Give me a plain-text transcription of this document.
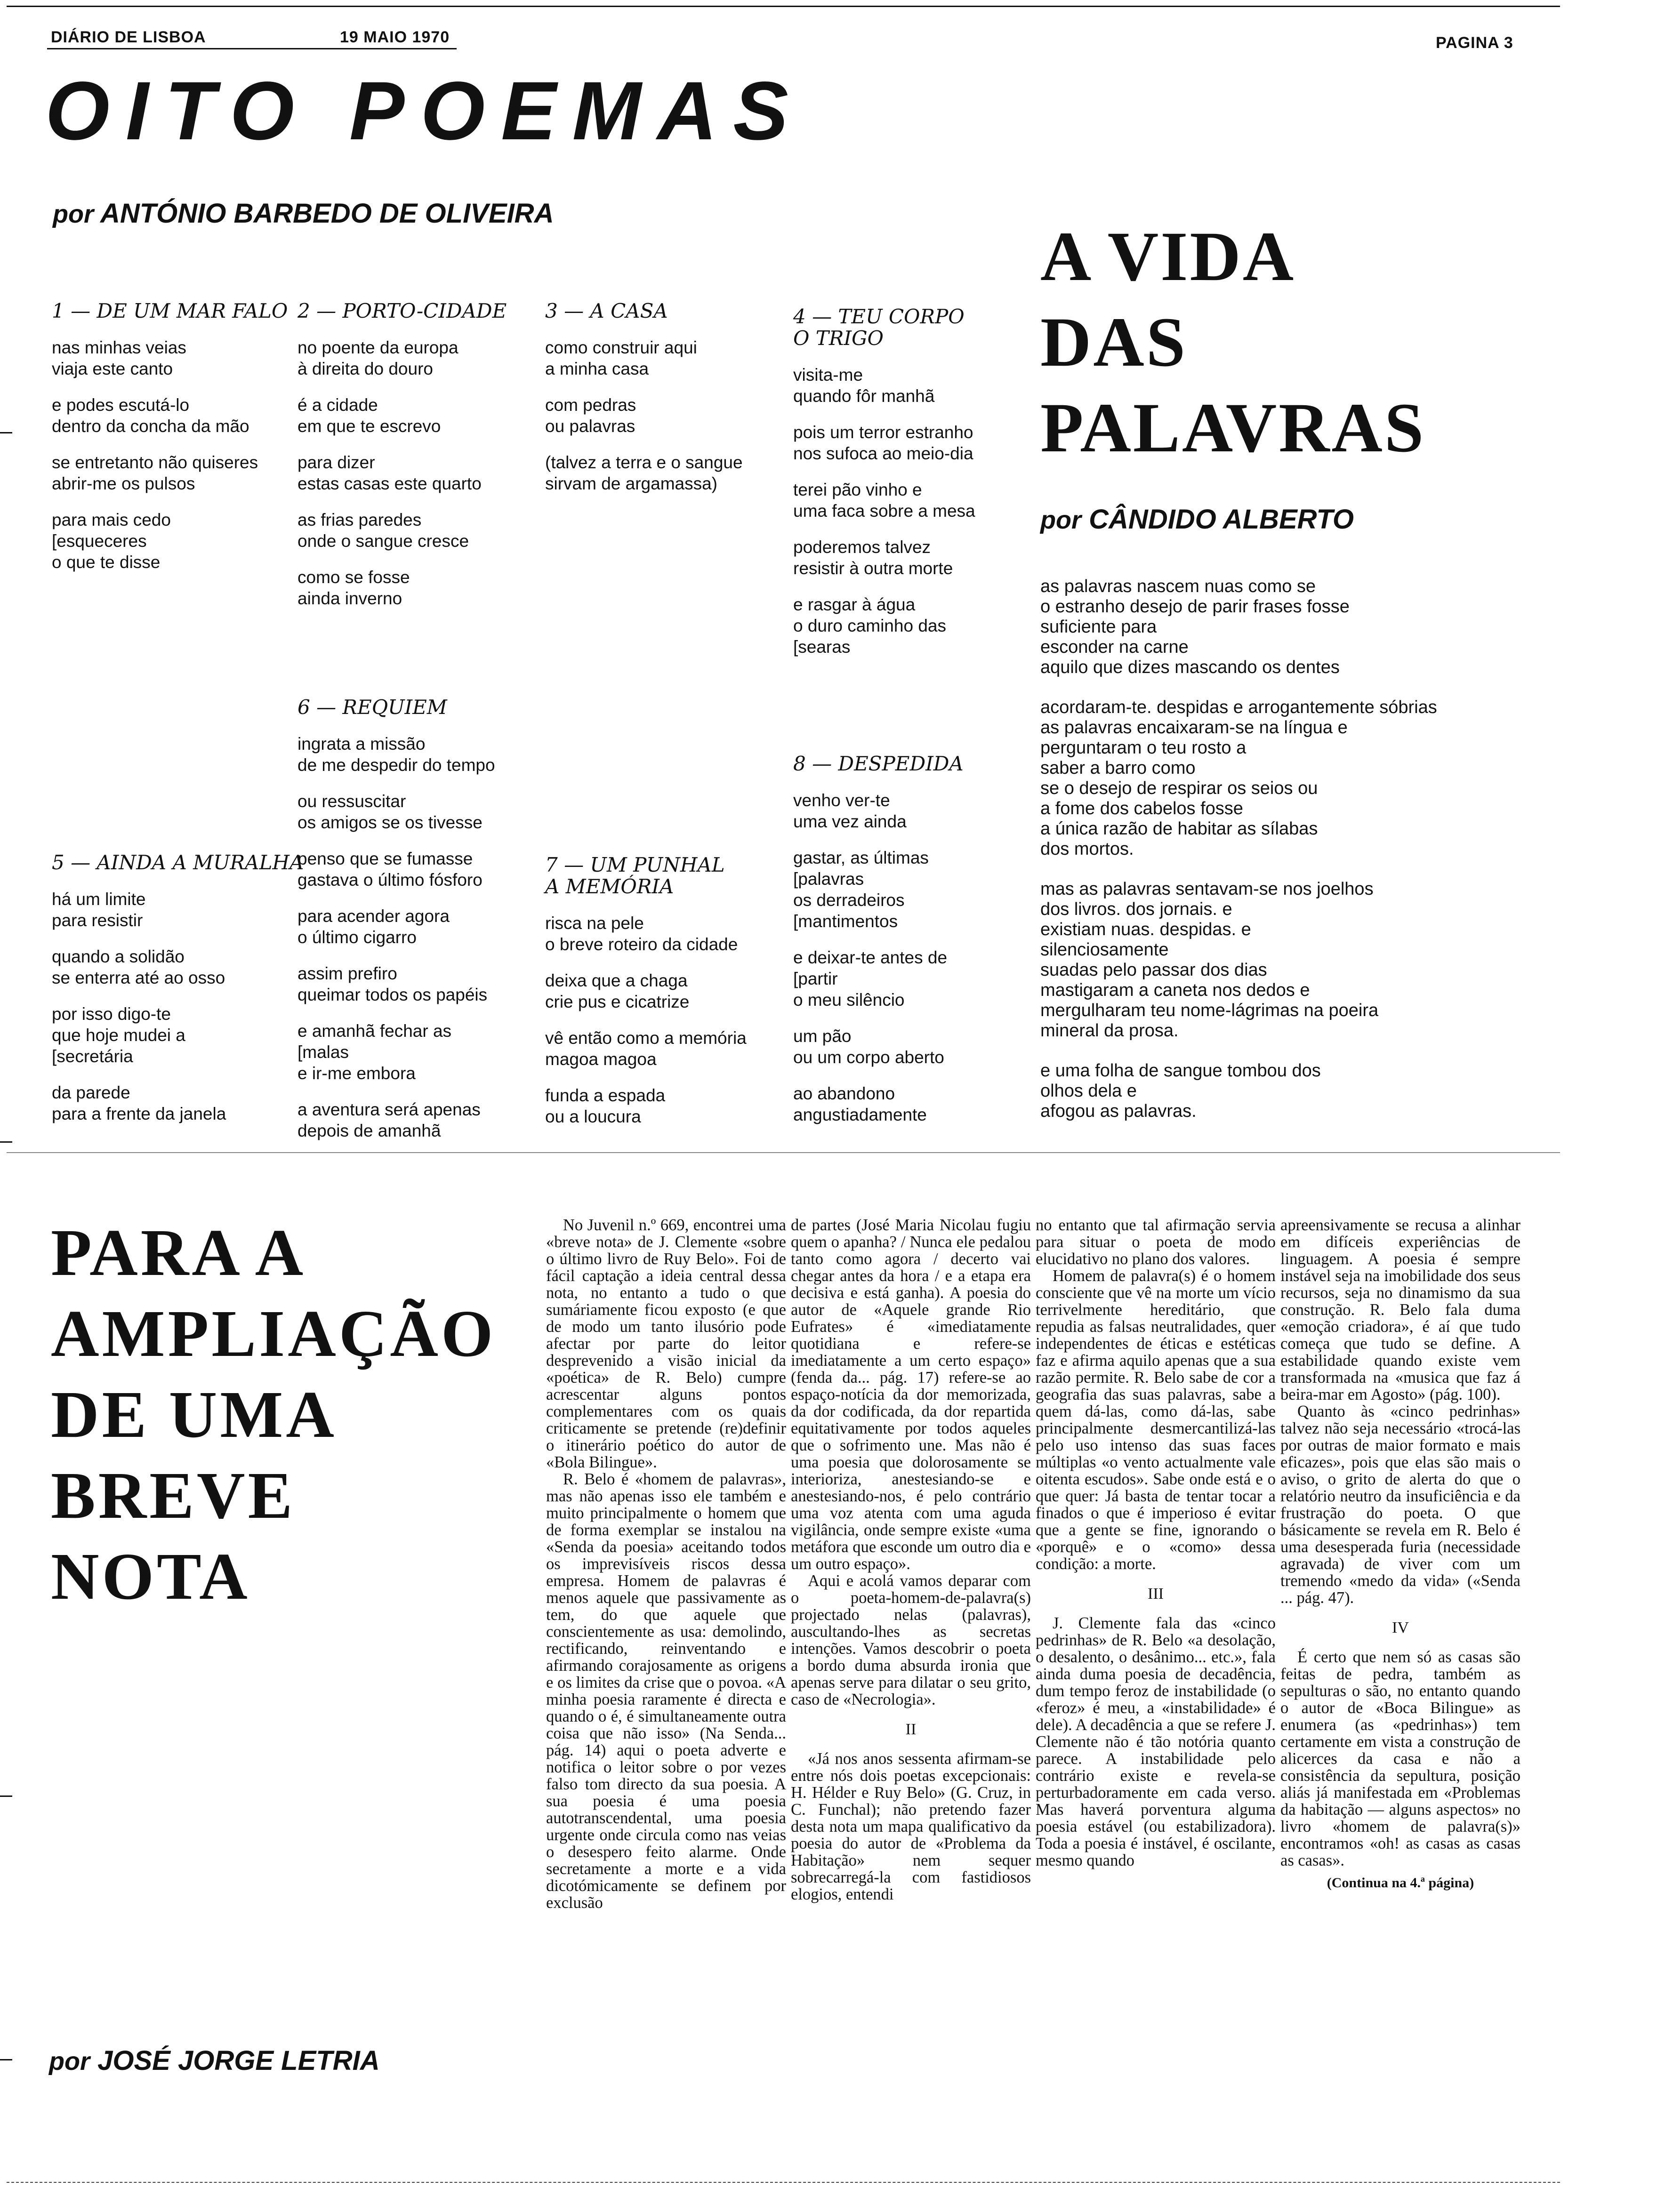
DIÁRIO DE LISBOA	19 MAIO 1970	PAGINA 3
OITO POEMAS
por ANTÓNIO BARBEDO DE OLIVEIRA
1 — DE UM MAR FALO
nas minhas veias
viaja este canto
e podes escutá-lo
dentro da concha da mão
se entretanto não quiseres
abrir-me os pulsos
para mais cedo
[esqueceres
o que te disse
2 — PORTO-CIDADE
no poente da europa
à direita do douro
é a cidade
em que te escrevo
para dizer
estas casas este quarto
as frias paredes
onde o sangue cresce
como se fosse
ainda inverno
3 — A CASA
como construir aqui
a minha casa
com pedras
ou palavras
(talvez a terra e o sangue
sirvam de argamassa)
4 — TEU CORPO
O TRIGO
visita-me
quando fôr manhã
pois um terror estranho
nos sufoca ao meio-dia
terei pão vinho e
uma faca sobre a mesa
poderemos talvez
resistir à outra morte
e rasgar à água
o duro caminho das
[searas
5 — AINDA A MURALHA
há um limite
para resistir
quando a solidão
se enterra até ao osso
por isso digo-te
que hoje mudei a
[secretária
da parede
para a frente da janela
6 — REQUIEM
ingrata a missão
de me despedir do tempo
ou ressuscitar
os amigos se os tivesse
penso que se fumasse
gastava o último fósforo
para acender agora
o último cigarro
assim prefiro
queimar todos os papéis
e amanhã fechar as
[malas
e ir-me embora
a aventura será apenas
depois de amanhã
7 — UM PUNHAL
A MEMÓRIA
risca na pele
o breve roteiro da cidade
deixa que a chaga
crie pus e cicatrize
vê então como a memória
magoa magoa
funda a espada
ou a loucura
8 — DESPEDIDA
venho ver-te
uma vez ainda
gastar, as últimas
[palavras
os derradeiros
[mantimentos
e deixar-te antes de
[partir
o meu silêncio
um pão
ou um corpo aberto
ao abandono
angustiadamente
A VIDA
DAS
PALAVRAS
por CÂNDIDO ALBERTO
as palavras nascem nuas como se
o estranho desejo de parir frases fosse
suficiente para
esconder na carne
aquilo que dizes mascando os dentes
acordaram-te. despidas e arrogantemente sóbrias
as palavras encaixaram-se na língua e
perguntaram o teu rosto a
saber a barro como
se o desejo de respirar os seios ou
a fome dos cabelos fosse
a única razão de habitar as sílabas
dos mortos.
mas as palavras sentavam-se nos joelhos
dos livros. dos jornais. e
existiam nuas. despidas. e
silenciosamente
suadas pelo passar dos dias
mastigaram a caneta nos dedos e
mergulharam teu nome-lágrimas na poeira
mineral da prosa.
e uma folha de sangue tombou dos
olhos dela e
afogou as palavras.
PARA A
AMPLIAÇÃO
DE UMA
BREVE
NOTA
por JOSÉ JORGE LETRIA

No Juvenil n.º 669, encontrei uma «breve nota» de J. Clemente «sobre o último livro de Ruy Belo». Foi de fácil captação a ideia central dessa nota, no entanto a tudo o que sumáriamente ficou exposto (e que de modo um tanto ilusório pode afectar por parte do leitor desprevenido a visão inicial da «poética» de R. Belo) cumpre acrescentar alguns pontos complementares com os quais criticamente se pretende (re)definir o itinerário poético do autor de «Bola Bilingue».

R. Belo é «homem de palavras», mas não apenas isso ele também e muito principalmente o homem que de forma exemplar se instalou na «Senda da poesia» aceitando todos os imprevisíveis riscos dessa empresa. Homem de palavras é menos aquele que passivamente as tem, do que aquele que conscientemente as usa: demolindo, rectificando, reinventando e afirmando corajosamente as origens e os limites da crise que o povoa. «A minha poesia raramente é directa e quando o é, é simultaneamente outra coisa que não isso» (Na Senda... pág. 14) aqui o poeta adverte e notifica o leitor sobre o por vezes falso tom directo da sua poesia. A sua poesia é uma poesia autotranscendental, uma poesia urgente onde circula como nas veias o desespero feito alarme. Onde secretamente a morte e a vida dicotómicamente se definem por exclusão

de partes (José Maria Nicolau fugiu quem o apanha? / Nunca ele pedalou tanto como agora / decerto vai chegar antes da hora / e a etapa era decisiva e está ganha). A poesia do autor de «Aquele grande Rio Eufrates» é «imediatamente quotidiana e refere-se imediatamente a um certo espaço» (fenda da... pág. 17) refere-se ao espaço-notícia da dor memorizada, da dor codificada, da dor repartida equitativamente por todos aqueles que o sofrimento une. Mas não é uma poesia que dolorosamente se interioriza, anestesiando-se e anestesiando-nos, é pelo contrário uma voz atenta com uma aguda vigilância, onde sempre existe «uma metáfora que esconde um outro dia e um outro espaço».

Aqui e acolá vamos deparar com o poeta-homem-de-palavra(s) projectado nelas (palavras), auscultando-lhes as secretas intenções. Vamos descobrir o poeta a bordo duma absurda ironia que apenas serve para dilatar o seu grito, caso de «Necrologia».

II

«Já nos anos sessenta afirmam-se entre nós dois poetas excepcionais: H. Hélder e Ruy Belo» (G. Cruz, in C. Funchal); não pretendo fazer desta nota um mapa qualificativo da poesia do autor de «Problema da Habitação» nem sequer sobrecarregá-la com fastidiosos elogios, entendi

no entanto que tal afirmação servia para situar o poeta de modo elucidativo no plano dos valores.

Homem de palavra(s) é o homem consciente que vê na morte um vício terrivelmente hereditário, que repudia as falsas neutralidades, quer independentes de éticas e estéticas faz e afirma aquilo apenas que a sua razão permite. R. Belo sabe de cor a geografia das suas palavras, sabe a quem dá-las, como dá-las, sabe principalmente desmercantilizá-las pelo uso intenso das suas faces múltiplas «o vento actualmente vale oitenta escudos». Sabe onde está e o que quer: Já basta de tentar tocar a finados o que é imperioso é evitar que a gente se fine, ignorando o «porquê» e o «como» dessa condição: a morte.

III

J. Clemente fala das «cinco pedrinhas» de R. Belo «a desolação, o desalento, o desânimo... etc.», fala ainda duma poesia de decadência, dum tempo feroz de instabilidade (o «feroz» é meu, a «instabilidade» é dele). A decadência a que se refere J. Clemente não é tão notória quanto parece. A instabilidade pelo contrário existe e revela-se perturbadoramente em cada verso. Mas haverá porventura alguma poesia estável (ou estabilizadora). Toda a poesia é instável, é oscilante, mesmo quando

apreensivamente se recusa a alinhar em difíceis experiências de linguagem. A poesia é sempre instável seja na imobilidade dos seus recursos, seja no dinamismo da sua construção. R. Belo fala duma «emoção criadora», é aí que tudo começa que tudo se define. A estabilidade quando existe vem transformada na «musica que faz á beira-mar em Agosto» (pág. 100).

Quanto às «cinco pedrinhas» talvez não seja necessário «trocá-las por outras de maior formato e mais eficazes», pois que elas são mais o aviso, o grito de alerta do que o relatório neutro da insuficiência e da frustração do poeta. O que básicamente se revela em R. Belo é uma desesperada furia (necessidade agravada) de viver com um tremendo «medo da vida» («Senda ... pág. 47).

IV

É certo que nem só as casas são feitas de pedra, também as sepulturas o são, no entanto quando o autor de «Boca Bilingue» as enumera (as «pedrinhas») tem certamente em vista a construção de alicerces da casa e não a consistência da sepultura, posição aliás já manifestada em «Problemas da habitação — alguns aspectos» no livro «homem de palavra(s)» encontramos «oh! as casas as casas as casas».

(Continua na 4.ª página)
